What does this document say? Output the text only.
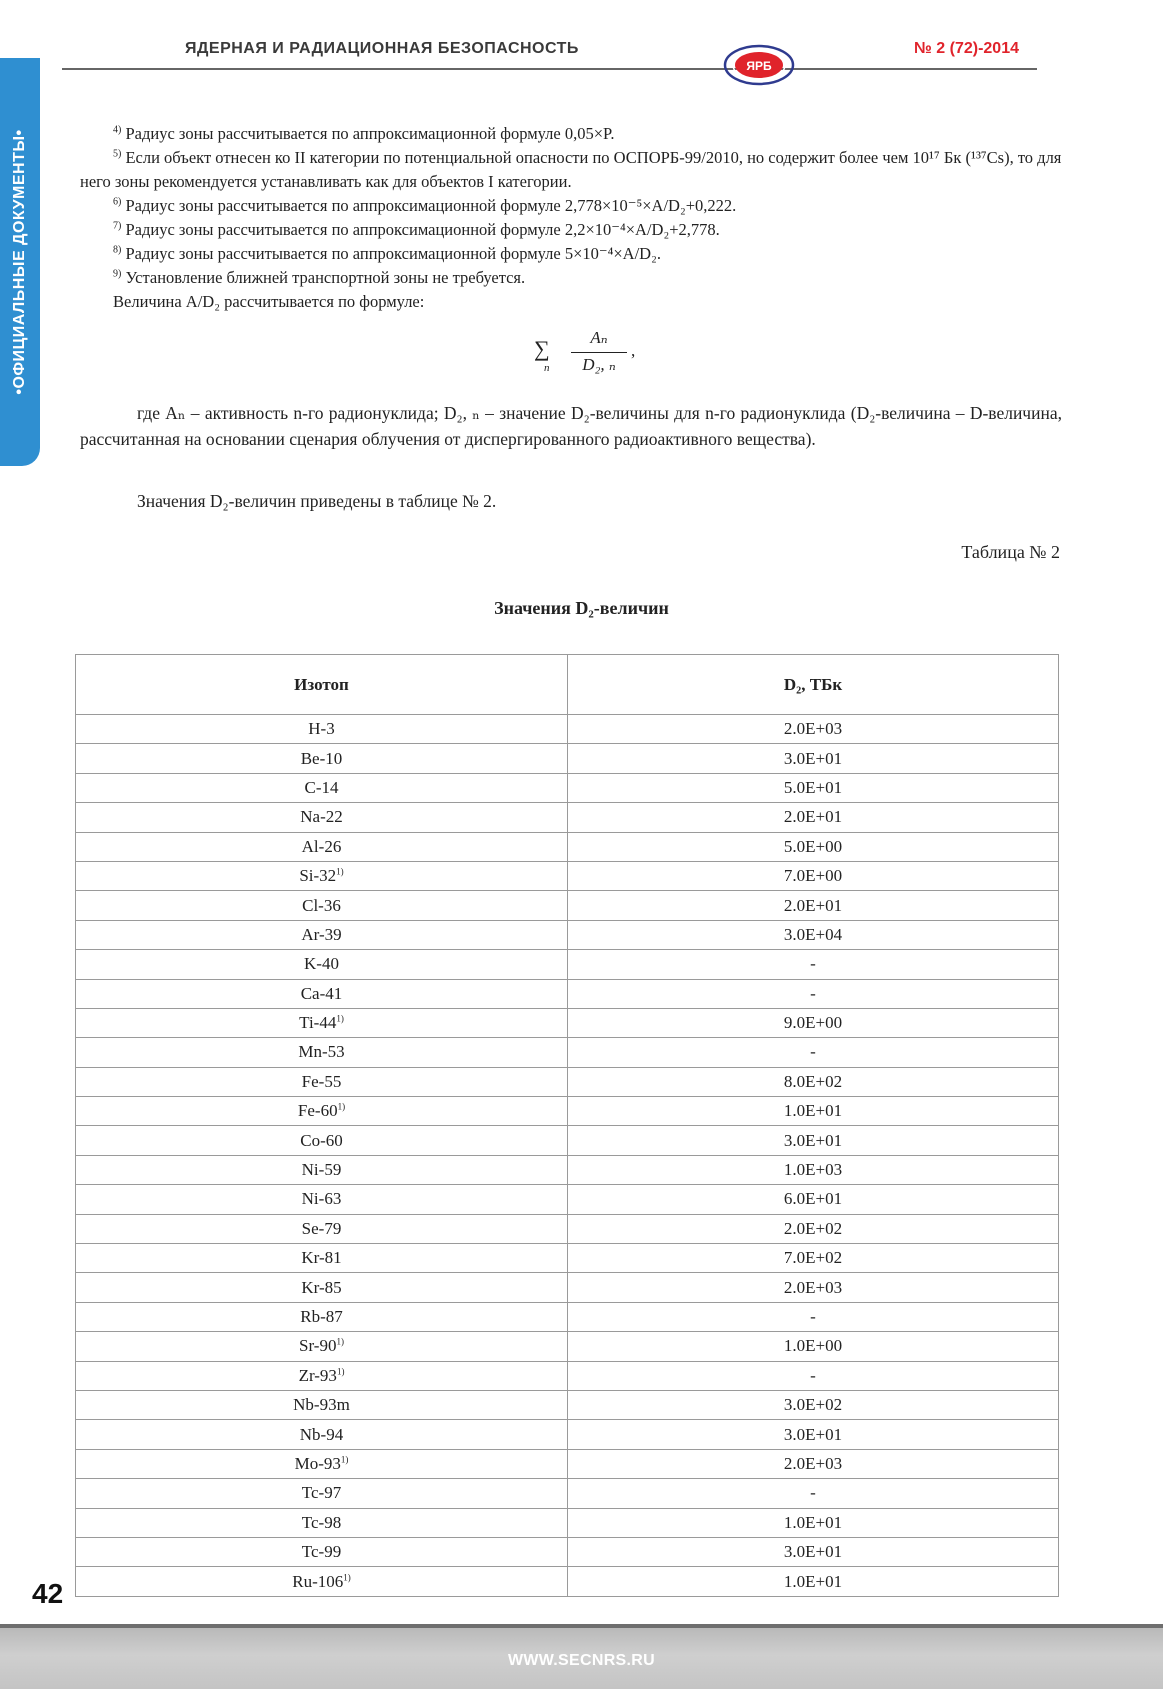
ЯДЕРНАЯ И РАДИАЦИОННАЯ БЕЗОПАСНОСТЬ
ЯРБ
№ 2 (72)-2014
•ОФИЦИАЛЬНЫЕ ДОКУМЕНТЫ•	$^{4)}$ Радиус зоны рассчитывается по аппроксимационной формуле 0,05×P.

$^{5)}$ Если объект отнесен ко II категории по потенциальной опасности по ОСПОРБ-99/2010, но содержит более чем 10¹⁷ Бк (¹³⁷Cs), то для него зоны рекомендуется устанавливать как для объектов I категории.

$^{6)}$ Радиус зоны рассчитывается по аппроксимационной формуле 2,778×10⁻⁵×A/D₂+0,222.

$^{7)}$ Радиус зоны рассчитывается по аппроксимационной формуле 2,2×10⁻⁴×A/D₂+2,778.

$^{8)}$ Радиус зоны рассчитывается по аппроксимационной формуле 5×10⁻⁴×A/D₂.

$^{9)}$ Установление ближней транспортной зоны не требуется.

Величина A/D₂ рассчитывается по формуле:

∑
n
Aₙ
D₂, ₙ
,
где Aₙ – активность n-го радионуклида; D₂, ₙ – значение D₂-величины для n-го радионуклида (D₂-величина – D-величина, рассчитанная на основании сценария облучения от диспергированного радиоактивного вещества).
Значения D₂-величин приведены в таблице № 2.
Таблица № 2
Значения D₂-величин
Изотоп	D₂, ТБк
H-3	2.0E+03
Be-10	3.0E+01
C-14	5.0E+01
Na-22	2.0E+01
Al-26	5.0E+00
Si-32$^{1)}$	7.0E+00
Cl-36	2.0E+01
Ar-39	3.0E+04
K-40	-
Ca-41	-
Ti-44$^{1)}$	9.0E+00
Mn-53	-
Fe-55	8.0E+02
Fe-60$^{1)}$	1.0E+01
Co-60	3.0E+01
Ni-59	1.0E+03
Ni-63	6.0E+01
Se-79	2.0E+02
Kr-81	7.0E+02
Kr-85	2.0E+03
Rb-87	-
Sr-90$^{1)}$	1.0E+00
Zr-93$^{1)}$	-
Nb-93m	3.0E+02
Nb-94	3.0E+01
Mo-93$^{1)}$	2.0E+03
Tc-97	-
Tc-98	1.0E+01
Tc-99	3.0E+01
Ru-106$^{1)}$	1.0E+01
42
WWW.SECNRS.RU
